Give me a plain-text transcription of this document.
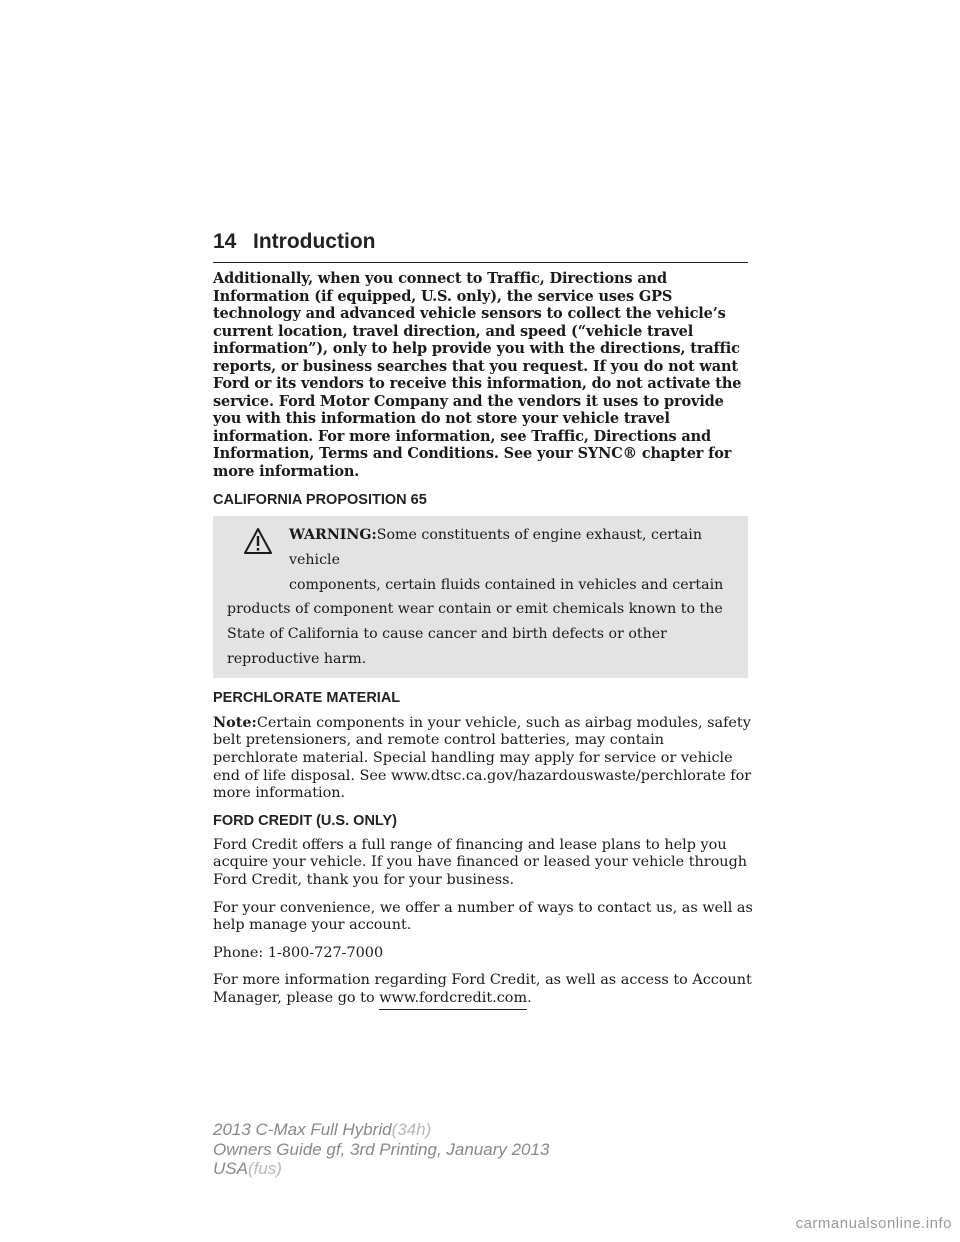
14 Introduction

Additionally, when you connect to Traffic, Directions and Information (if equipped, U.S. only), the service uses GPS technology and advanced vehicle sensors to collect the vehicle’s current location, travel direction, and speed (“vehicle travel information”), only to help provide you with the directions, traffic reports, or business searches that you request. If you do not want Ford or its vendors to receive this information, do not activate the service. Ford Motor Company and the vendors it uses to provide you with this information do not store your vehicle travel information. For more information, see Traffic, Directions and Information, Terms and Conditions. See your SYNC® chapter for more information.

CALIFORNIA PROPOSITION 65
WARNING:Some constituents of engine exhaust, certain vehicle
components, certain fluids contained in vehicles and certain
products of component wear contain or emit chemicals known to the State of California to cause cancer and birth defects or other reproductive harm.
PERCHLORATE MATERIAL

Note:Certain components in your vehicle, such as airbag modules, safety belt pretensioners, and remote control batteries, may contain perchlorate material. Special handling may apply for service or vehicle end of life disposal. See www.dtsc.ca.gov/hazardouswaste/perchlorate for more information.

FORD CREDIT (U.S. ONLY)

Ford Credit offers a full range of financing and lease plans to help you acquire your vehicle. If you have financed or leased your vehicle through Ford Credit, thank you for your business.

For your convenience, we offer a number of ways to contact us, as well as help manage your account.

Phone: 1-800-727-7000

For more information regarding Ford Credit, as well as access to Account Manager, please go to www.fordcredit.com.

2013 C-Max Full Hybrid(34h)
Owners Guide gf, 3rd Printing, January 2013
USA(fus)
carmanualsonline.info
